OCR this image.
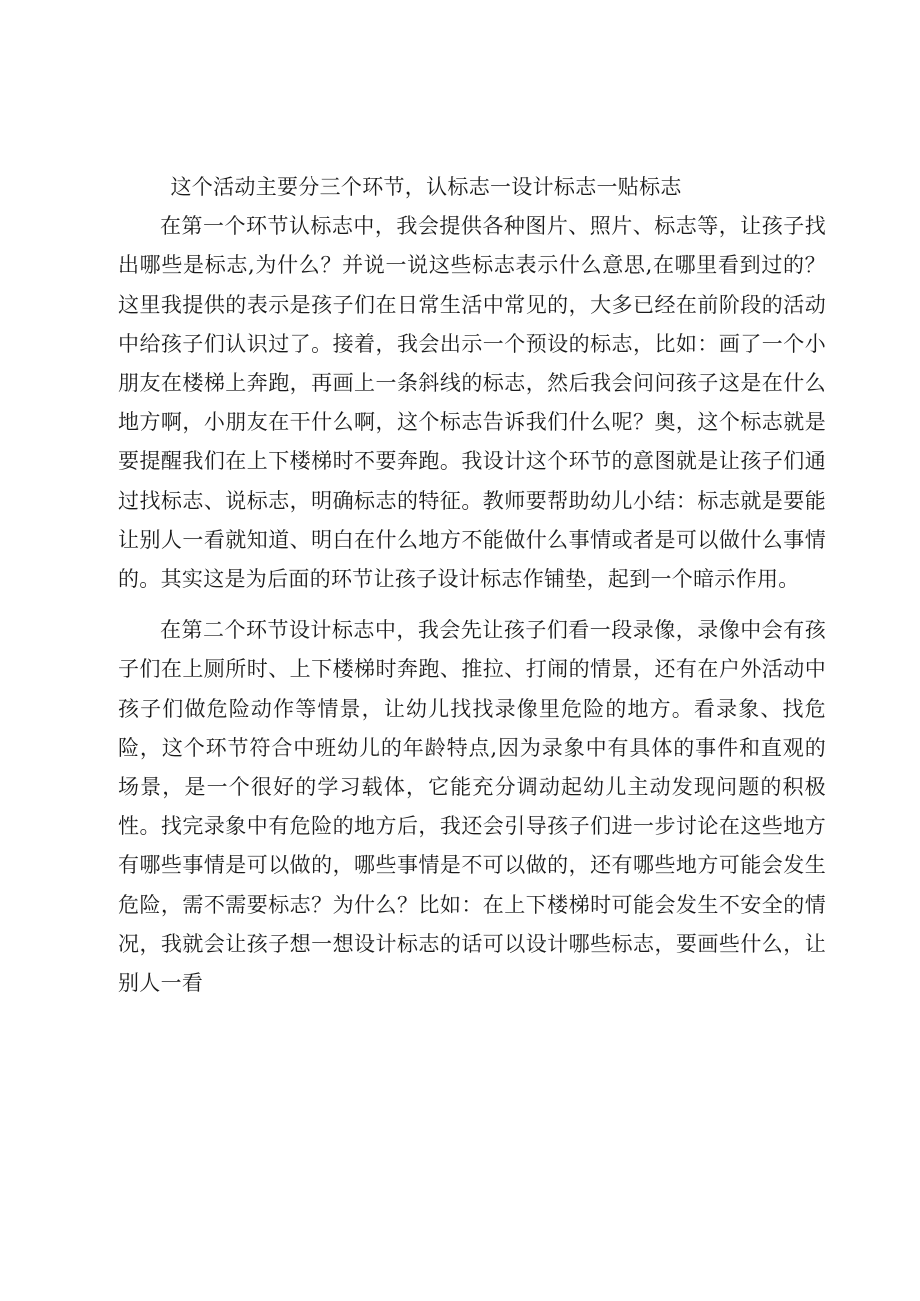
这个活动主要分三个环节，认标志一设计标志一贴标志

在第一个环节认标志中，我会提供各种图片、照片、标志等，让孩子找出哪些是标志,为什么？并说一说这些标志表示什么意思,在哪里看到过的？这里我提供的表示是孩子们在日常生活中常见的，大多已经在前阶段的活动中给孩子们认识过了。接着，我会出示一个预设的标志，比如：画了一个小朋友在楼梯上奔跑，再画上一条斜线的标志，然后我会问问孩子这是在什么地方啊，小朋友在干什么啊，这个标志告诉我们什么呢？奥，这个标志就是要提醒我们在上下楼梯时不要奔跑。我设计这个环节的意图就是让孩子们通过找标志、说标志，明确标志的特征。教师要帮助幼儿小结：标志就是要能让别人一看就知道、明白在什么地方不能做什么事情或者是可以做什么事情的。其实这是为后面的环节让孩子设计标志作铺垫，起到一个暗示作用。

在第二个环节设计标志中，我会先让孩子们看一段录像，录像中会有孩子们在上厕所时、上下楼梯时奔跑、推拉、打闹的情景，还有在户外活动中孩子们做危险动作等情景，让幼儿找找录像里危险的地方。看录象、找危险，这个环节符合中班幼儿的年龄特点,因为录象中有具体的事件和直观的场景，是一个很好的学习载体，它能充分调动起幼儿主动发现问题的积极性。找完录象中有危险的地方后，我还会引导孩子们进一步讨论在这些地方有哪些事情是可以做的，哪些事情是不可以做的，还有哪些地方可能会发生危险，需不需要标志？为什么？比如：在上下楼梯时可能会发生不安全的情况，我就会让孩子想一想设计标志的话可以设计哪些标志，要画些什么，让别人一看
